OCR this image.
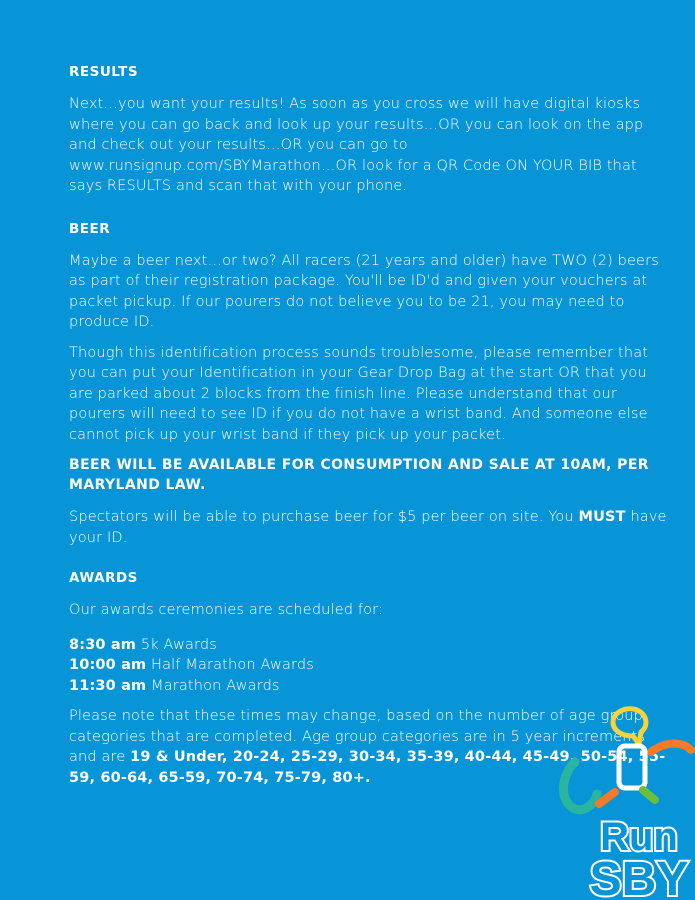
RESULTS

Next…you want your results! As soon as you cross we will have digital kiosks where you can go back and look up your results…OR you can look on the app and check out your results…OR you can go to www.runsignup.com/SBYMarathon…OR look for a QR Code ON YOUR BIB that says RESULTS and scan that with your phone.

BEER

Maybe a beer next…or two? All racers (21 years and older) have TWO (2) beers as part of their registration package. You'll be ID'd and given your vouchers at packet pickup. If our pourers do not believe you to be 21, you may need to produce ID.

Though this identification process sounds troublesome, please remember that you can put your Identification in your Gear Drop Bag at the start OR that you are parked about 2 blocks from the finish line. Please understand that our pourers will need to see ID if you do not have a wrist band. And someone else cannot pick up your wrist band if they pick up your packet.

BEER WILL BE AVAILABLE FOR CONSUMPTION AND SALE AT 10AM, PER MARYLAND LAW.

Spectators will be able to purchase beer for $5 per beer on site. You MUST have your ID.

AWARDS

Our awards ceremonies are scheduled for:

8:30 am 5k Awards

10:00 am Half Marathon Awards

11:30 am Marathon Awards

Please note that these times may change, based on the number of age group categories that are completed. Age group categories are in 5 year increments and are 19 & Under, 20-24, 25-29, 30-34, 35-39, 40-44, 45-49, 50-54, 55-59, 60-64, 65-59, 70-74, 75-79, 80+.

Run
SBY
